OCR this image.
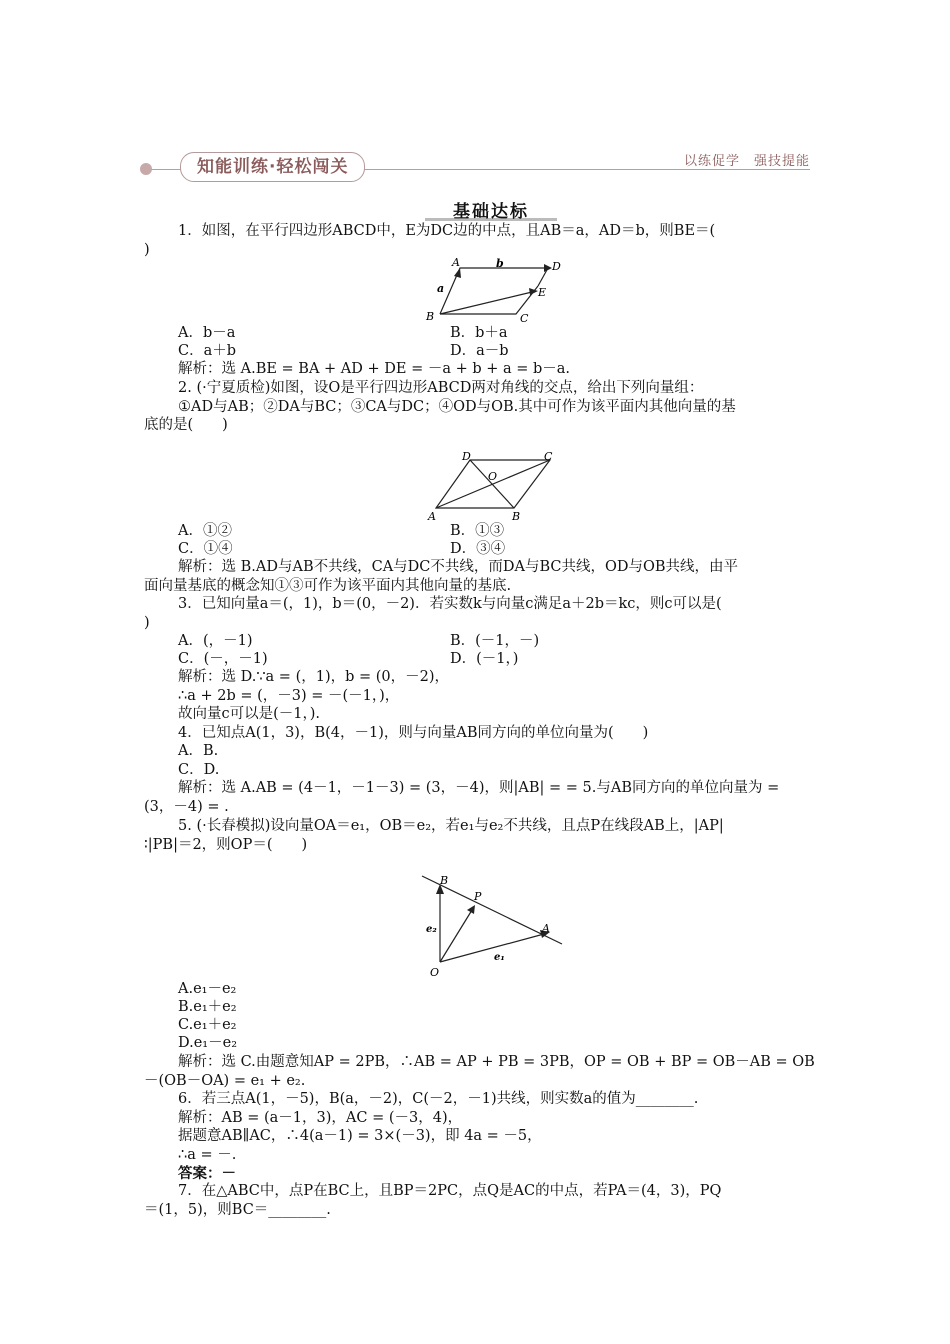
知能训练·轻松闯关	以练促学　强技提能
基础达标
1．如图，在平行四边形ABCD中，E为DC边的中点，且AB＝a，AD＝b，则BE＝(
)
A
B	C
D
E
a
b
A．b－a	B．b＋a
C．a＋b	D．a－b
解析：选 A.BE = BA + AD + DE = －a + b + a = b－a.
2. (·宁夏质检)如图，设O是平行四边形ABCD两对角线的交点，给出下列向量组：
①AD与AB；②DA与BC；③CA与DC；④OD与OB.其中可作为该平面内其他向量的基
底的是(　　)
A	B
C
D
O
A．①②	B．①③
C．①④	D．③④
解析：选 B.AD与AB不共线，CA与DC不共线，而DA与BC共线，OD与OB共线，由平
面向量基底的概念知①③可作为该平面内其他向量的基底.
3．已知向量a＝(，1)，b＝(0，－2)．若实数k与向量c满足a＋2b＝kc，则c可以是(
)
A．(，－1)	B．(－1，－)
C．(－，－1)	D．(－1，)
解析：选 D.∵a = (，1)，b = (0，－2)，
∴a + 2b = (，－3) = －(－1，)，
故向量c可以是(－1，).
4．已知点A(1，3)，B(4，－1)，则与向量AB同方向的单位向量为(　　)
A．B.
C．D.
解析：选 A.AB = (4－1，－1－3) = (3，－4)，则|AB| = = 5.与AB同方向的单位向量为 =
(3，－4) = .
5. (·长春模拟)设向量OA＝e₁，OB＝e₂，若e₁与e₂不共线，且点P在线段AB上，|AP|
∶|PB|＝2，则OP＝(　　)
B
P
A
O
e₁
e₂
A.e₁－e₂
B.e₁＋e₂
C.e₁＋e₂
D.e₁－e₂
解析：选 C.由题意知AP = 2PB，∴AB = AP + PB = 3PB，OP = OB + BP = OB－AB = OB
－(OB－OA) = e₁ + e₂.
6．若三点A(1，－5)，B(a，－2)，C(－2，－1)共线，则实数a的值为________.
解析：AB = (a－1，3)，AC = (－3，4)，
据题意AB∥AC，∴4(a－1) = 3×(－3)，即 4a = －5，
∴a = －.
答案：－
7．在△ABC中，点P在BC上，且BP＝2PC，点Q是AC的中点，若PA＝(4，3)，PQ
＝(1，5)，则BC＝________.
